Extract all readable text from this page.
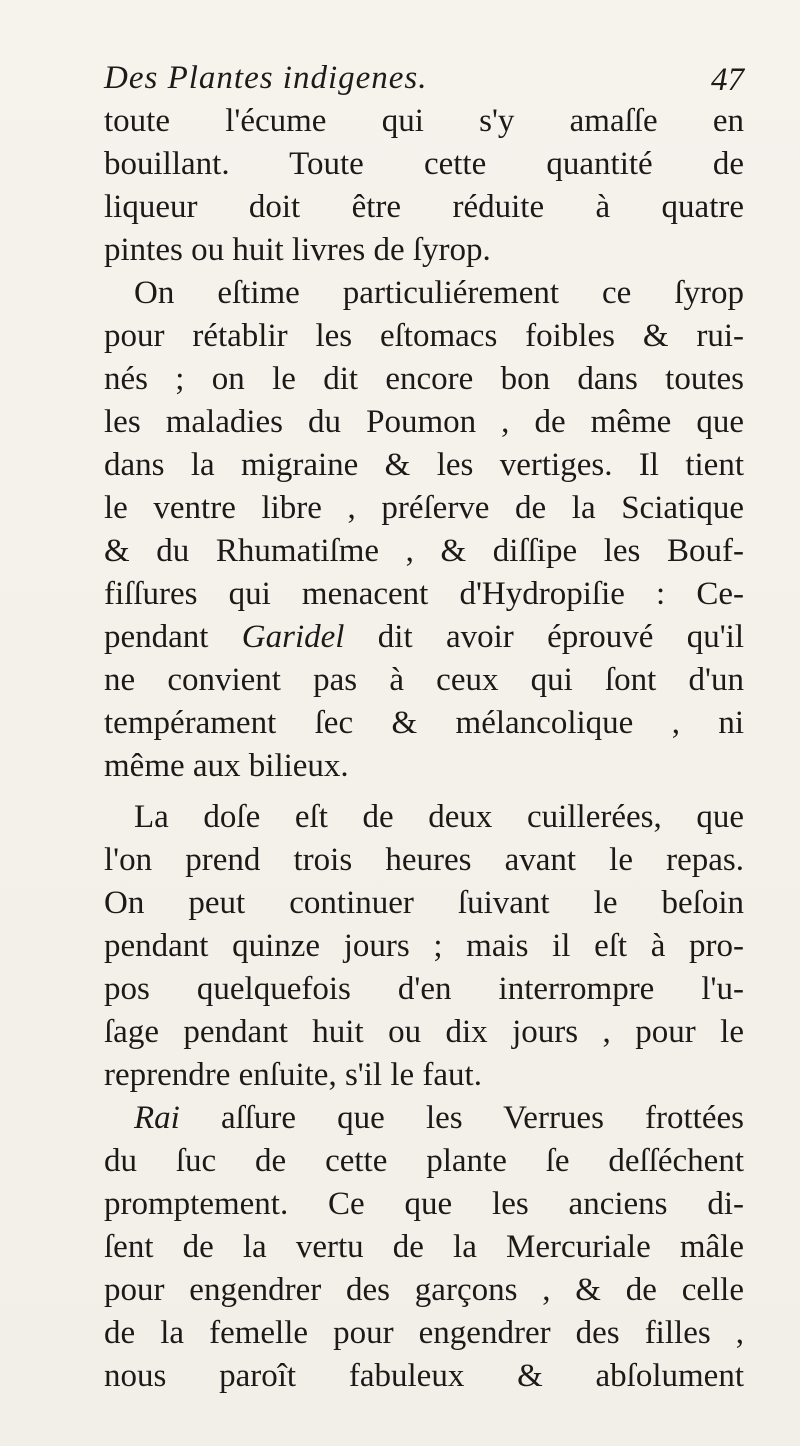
Des Plantes indigenes.	47
toute l'écume qui s'y amaſſe en
bouillant. Toute cette quantité de
liqueur doit être réduite à quatre
pintes ou huit livres de ſyrop.
On eſtime particuliérement ce ſyrop
pour rétablir les eſtomacs foibles & rui-
nés ; on le dit encore bon dans toutes
les maladies du Poumon , de même que
dans la migraine & les vertiges. Il tient
le ventre libre , préſerve de la Sciatique
& du Rhumatiſme , & diſſipe les Bouf-
fiſſures qui menacent d'Hydropiſie : Ce-
pendant Garidel dit avoir éprouvé qu'il
ne convient pas à ceux qui ſont d'un
tempérament ſec & mélancolique , ni
même aux bilieux.
La doſe eſt de deux cuillerées, que
l'on prend trois heures avant le repas.
On peut continuer ſuivant le beſoin
pendant quinze jours ; mais il eſt à pro-
pos quelquefois d'en interrompre l'u-
ſage pendant huit ou dix jours , pour le
reprendre enſuite, s'il le faut.
Rai aſſure que les Verrues frottées
du ſuc de cette plante ſe deſſéchent
promptement. Ce que les anciens di-
ſent de la vertu de la Mercuriale mâle
pour engendrer des garçons , & de celle
de la femelle pour engendrer des filles ,
nous paroît fabuleux & abſolument
